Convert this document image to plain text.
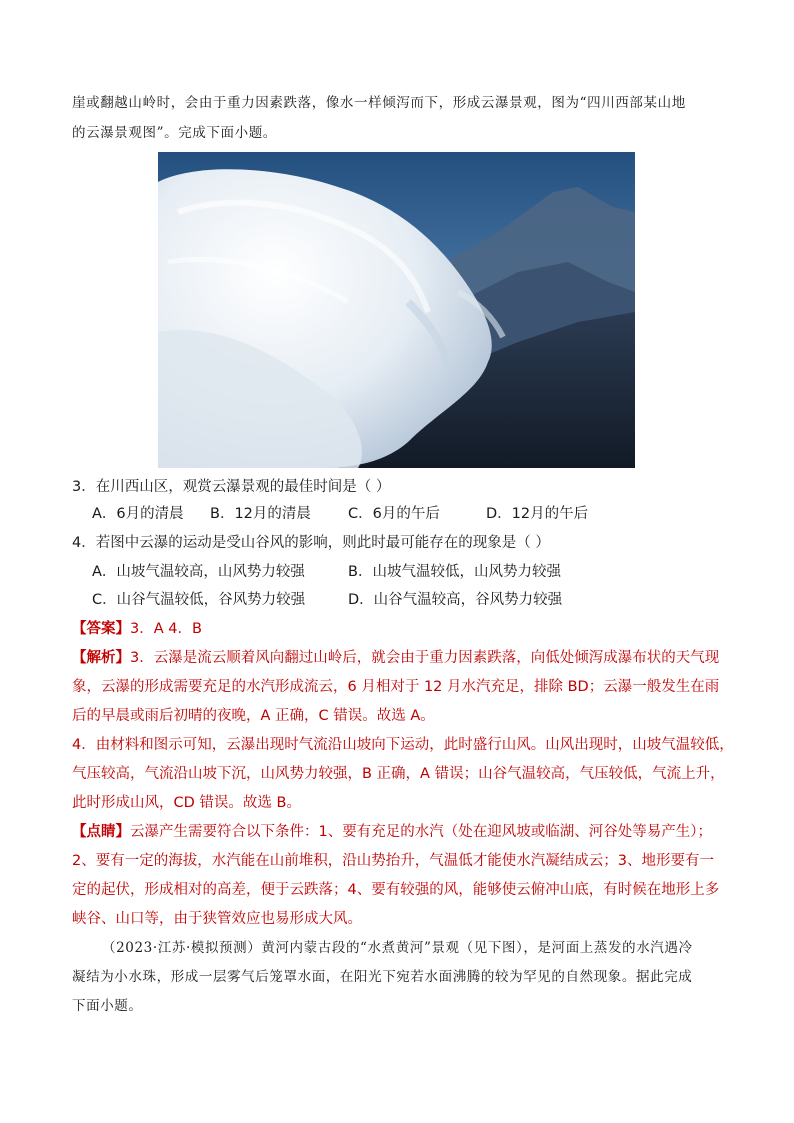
崖或翻越山岭时，会由于重力因素跌落，像水一样倾泻而下，形成云瀑景观，图为“四川西部某山地
的云瀑景观图”。完成下面小题。
3．在川西山区，观赏云瀑景观的最佳时间是（ ）
A．6月的清晨 B．12月的清晨	C．6月的午后	D．12月的午后
4．若图中云瀑的运动是受山谷风的影响，则此时最可能存在的现象是（ ）
A．山坡气温较高，山风势力较强	B．山坡气温较低，山风势力较强
C．山谷气温较低，谷风势力较强	D．山谷气温较高，谷风势力较强
【答案】3．A 4．B
【解析】3．云瀑是流云顺着风向翻过山岭后，就会由于重力因素跌落，向低处倾泻成瀑布状的天气现
象，云瀑的形成需要充足的水汽形成流云，6 月相对于 12 月水汽充足，排除 BD；云瀑一般发生在雨
后的早晨或雨后初晴的夜晚，A 正确，C 错误。故选 A。
4．由材料和图示可知，云瀑出现时气流沿山坡向下运动，此时盛行山风。山风出现时，山坡气温较低，
气压较高，气流沿山坡下沉，山风势力较强，B 正确，A 错误；山谷气温较高，气压较低，气流上升，
此时形成山风，CD 错误。故选 B。
【点睛】云瀑产生需要符合以下条件：1、要有充足的水汽（处在迎风坡或临湖、河谷处等易产生）；
2、要有一定的海拔，水汽能在山前堆积，沿山势抬升，气温低才能使水汽凝结成云；3、地形要有一
定的起伏，形成相对的高差，便于云跌落；4、要有较强的风，能够使云俯冲山底，有时候在地形上多
峡谷、山口等，由于狭管效应也易形成大风。
（2023·江苏·模拟预测）黄河内蒙古段的“水煮黄河”景观（见下图），是河面上蒸发的水汽遇冷
凝结为小水珠，形成一层雾气后笼罩水面，在阳光下宛若水面沸腾的较为罕见的自然现象。据此完成
下面小题。
